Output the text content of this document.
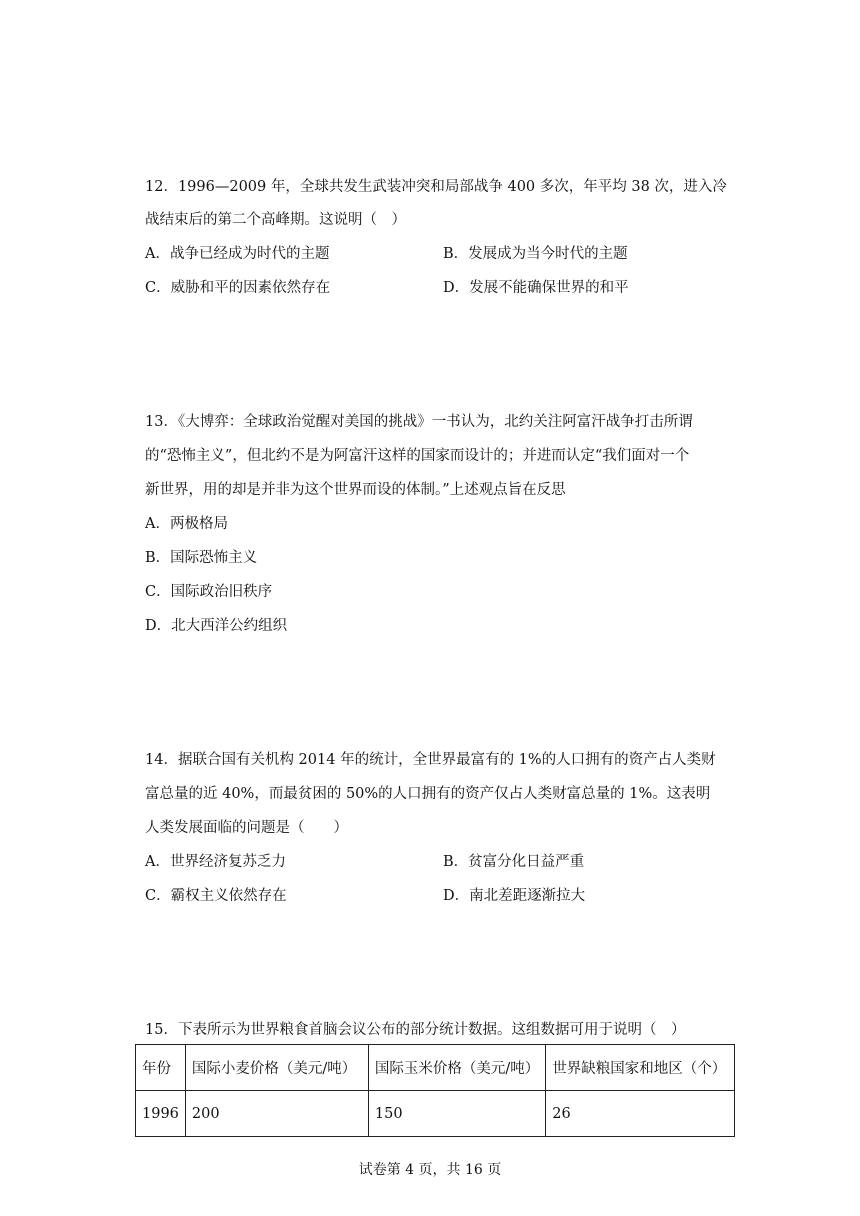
12．1996—2009 年，全球共发生武装冲突和局部战争 400 多次，年平均 38 次，进入冷
战结束后的第二个高峰期。这说明（　）
A．战争已经成为时代的主题	B．发展成为当今时代的主题
C．威胁和平的因素依然存在	D．发展不能确保世界的和平
13．《大博弈：全球政治觉醒对美国的挑战》一书认为，北约关注阿富汗战争打击所谓
的“恐怖主义”，但北约不是为阿富汗这样的国家而设计的；并进而认定“我们面对一个
新世界，用的却是并非为这个世界而设的体制。”上述观点旨在反思
A．两极格局
B．国际恐怖主义
C．国际政治旧秩序
D．北大西洋公约组织
14．据联合国有关机构 2014 年的统计，全世界最富有的 1%的人口拥有的资产占人类财
富总量的近 40%，而最贫困的 50%的人口拥有的资产仅占人类财富总量的 1%。这表明
人类发展面临的问题是（　　）
A．世界经济复苏乏力	B．贫富分化日益严重
C．霸权主义依然存在	D．南北差距逐渐拉大
15．下表所示为世界粮食首脑会议公布的部分统计数据。这组数据可用于说明（　）
年份	国际小麦价格（美元/吨）	国际玉米价格（美元/吨）	世界缺粮国家和地区（个）
1996	200	150	26
试卷第 4 页，共 16 页
